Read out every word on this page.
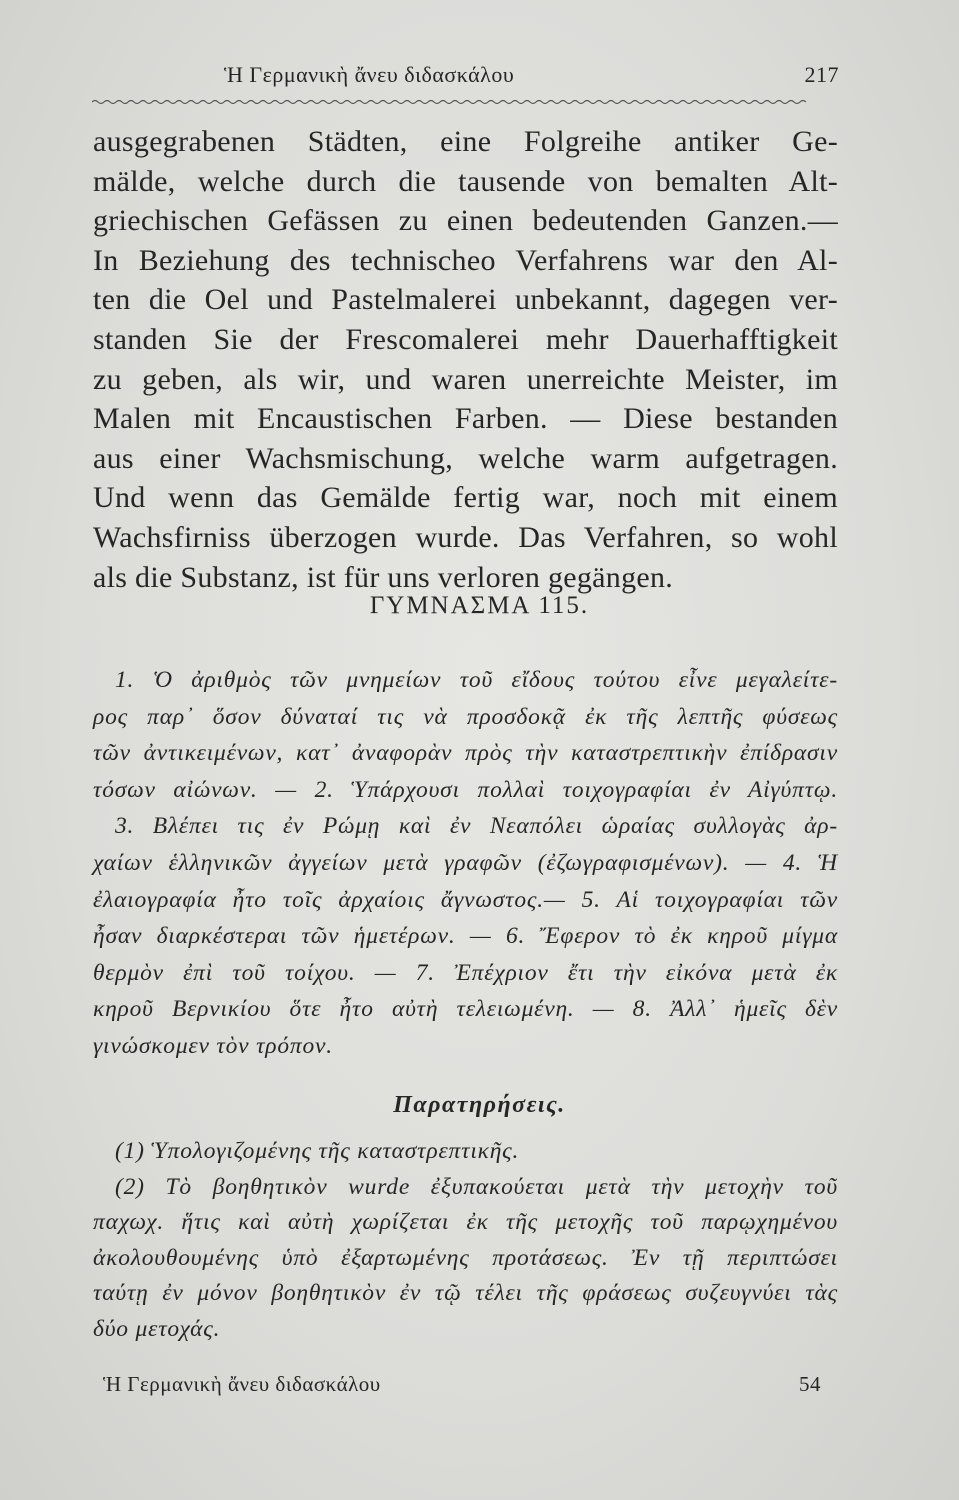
Ἡ Γερμανικὴ ἄνευ διδασκάλου	217
ausgegrabenen Städten, eine Folgreihe antiker Ge-
mälde, welche durch die tausende von bemalten Alt-
griechischen Gefässen zu einen bedeutenden Ganzen.—
In Beziehung des technischeo Verfahrens war den Al-
ten die Oel und Pastelmalerei unbekannt, dagegen ver-
standen Sie der Frescomalerei mehr Dauerhafftigkeit
zu geben, als wir, und waren unerreichte Meister, im
Malen mit Encaustischen Farben. — Diese bestanden
aus einer Wachsmischung, welche warm aufgetragen.
Und wenn das Gemälde fertig war, noch mit einem
Wachsfirniss überzogen wurde. Das Verfahren, so wohl
als die Substanz, ist für uns verloren gegängen.
ΓΥΜΝΑΣΜΑ 115.
1. Ὁ ἀριθμὸς τῶν μνημείων τοῦ εἴδους τούτου εἶνε μεγαλείτε-
ρος παρ᾽ ὅσον δύναταί τις νὰ προσδοκᾷ ἐκ τῆς λεπτῆς φύσεως
τῶν ἀντικειμένων, κατ᾽ ἀναφορὰν πρὸς τὴν καταστρεπτικὴν ἐπίδρασιν
τόσων αἰώνων. — 2. Ὑπάρχουσι πολλαὶ τοιχογραφίαι ἐν Αἰγύπτῳ.
3. Βλέπει τις ἐν Ρώμῃ καὶ ἐν Νεαπόλει ὡραίας συλλογὰς ἀρ-
χαίων ἑλληνικῶν ἀγγείων μετὰ γραφῶν (ἐζωγραφισμένων). — 4. Ἡ
ἐλαιογραφία ἦτο τοῖς ἀρχαίοις ἄγνωστος.— 5. Αἱ τοιχογραφίαι τῶν
ἦσαν διαρκέστεραι τῶν ἡμετέρων. — 6. Ἔφερον τὸ ἐκ κηροῦ μίγμα
θερμὸν ἐπὶ τοῦ τοίχου. — 7. Ἐπέχριον ἔτι τὴν εἰκόνα μετὰ ἐκ
κηροῦ Βερνικίου ὅτε ἦτο αὐτὴ τελειωμένη. — 8. Ἀλλ᾽ ἡμεῖς δὲν
γινώσκομεν τὸν τρόπον.
Παρατηρήσεις.
(1) Ὑπολογιζομένης τῆς καταστρεπτικῆς.
(2) Τὸ βοηθητικὸν wurde ἐξυπακούεται μετὰ τὴν μετοχὴν τοῦ
παχωχ. ἥτις καὶ αὐτὴ χωρίζεται ἐκ τῆς μετοχῆς τοῦ παρῳχημένου
ἀκολουθουμένης ὑπὸ ἐξαρτωμένης προτάσεως. Ἐν τῇ περιπτώσει
ταύτῃ ἐν μόνον βοηθητικὸν ἐν τῷ τέλει τῆς φράσεως συζευγνύει τὰς
δύο μετοχάς.
Ἡ Γερμανικὴ ἄνευ διδασκάλου	54
